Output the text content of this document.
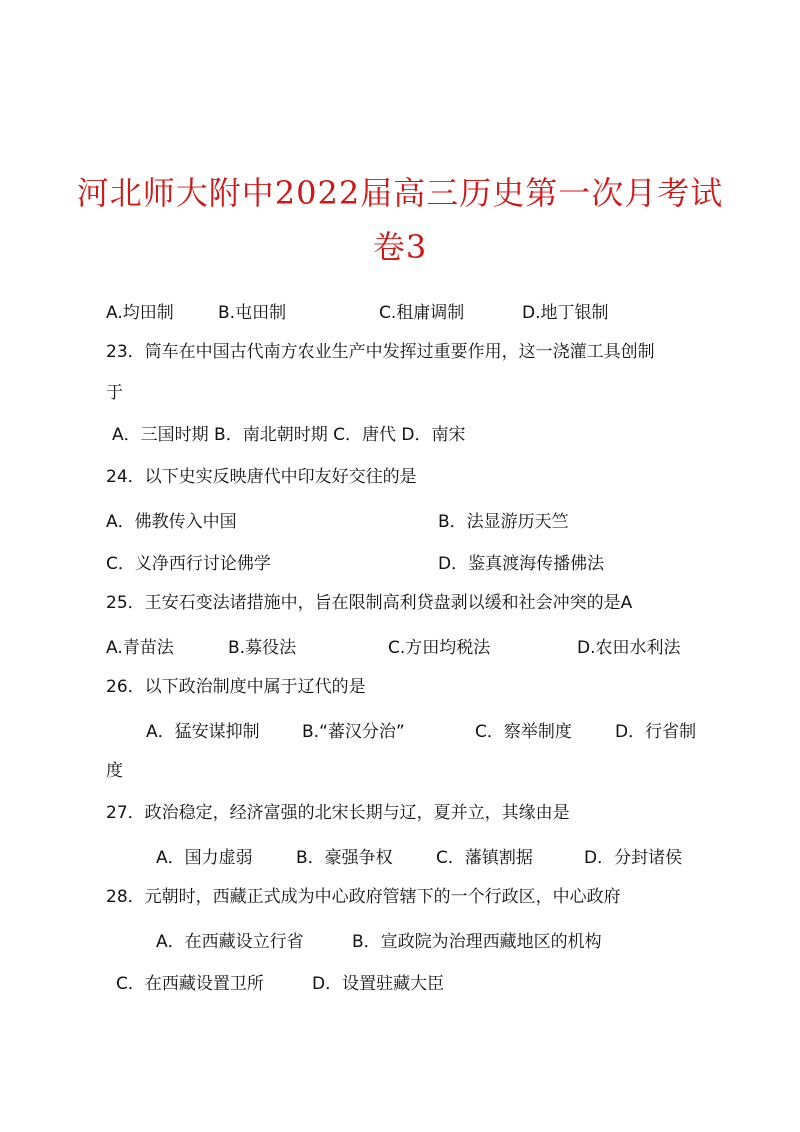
河北师大附中2022届高三历史第一次月考试
卷3
A.均田制	B.屯田制	C.租庸调制	D.地丁银制
23．筒车在中国古代南方农业生产中发挥过重要作用，这一浇灌工具创制
于
A．三国时期 B．南北朝时期 C．唐代 D．南宋
24．以下史实反映唐代中印友好交往的是
A．佛教传入中国	B．法显游历天竺
C．义净西行讨论佛学	D．鉴真渡海传播佛法
25．王安石变法诸措施中，旨在限制高利贷盘剥以缓和社会冲突的是A
A.青苗法	B.募役法	C.方田均税法	D.农田水利法
26．以下政治制度中属于辽代的是
A．猛安谋抑制 B.“蕃汉分治”	C．察举制度	D．行省制
度
27．政治稳定，经济富强的北宋长期与辽，夏并立，其缘由是
A．国力虚弱	B．豪强争权	C．藩镇割据	D．分封诸侯
28．元朝时，西藏正式成为中心政府管辖下的一个行政区，中心政府
A．在西藏设立行省	B．宣政院为治理西藏地区的机构
C．在西藏设置卫所	D．设置驻藏大臣
